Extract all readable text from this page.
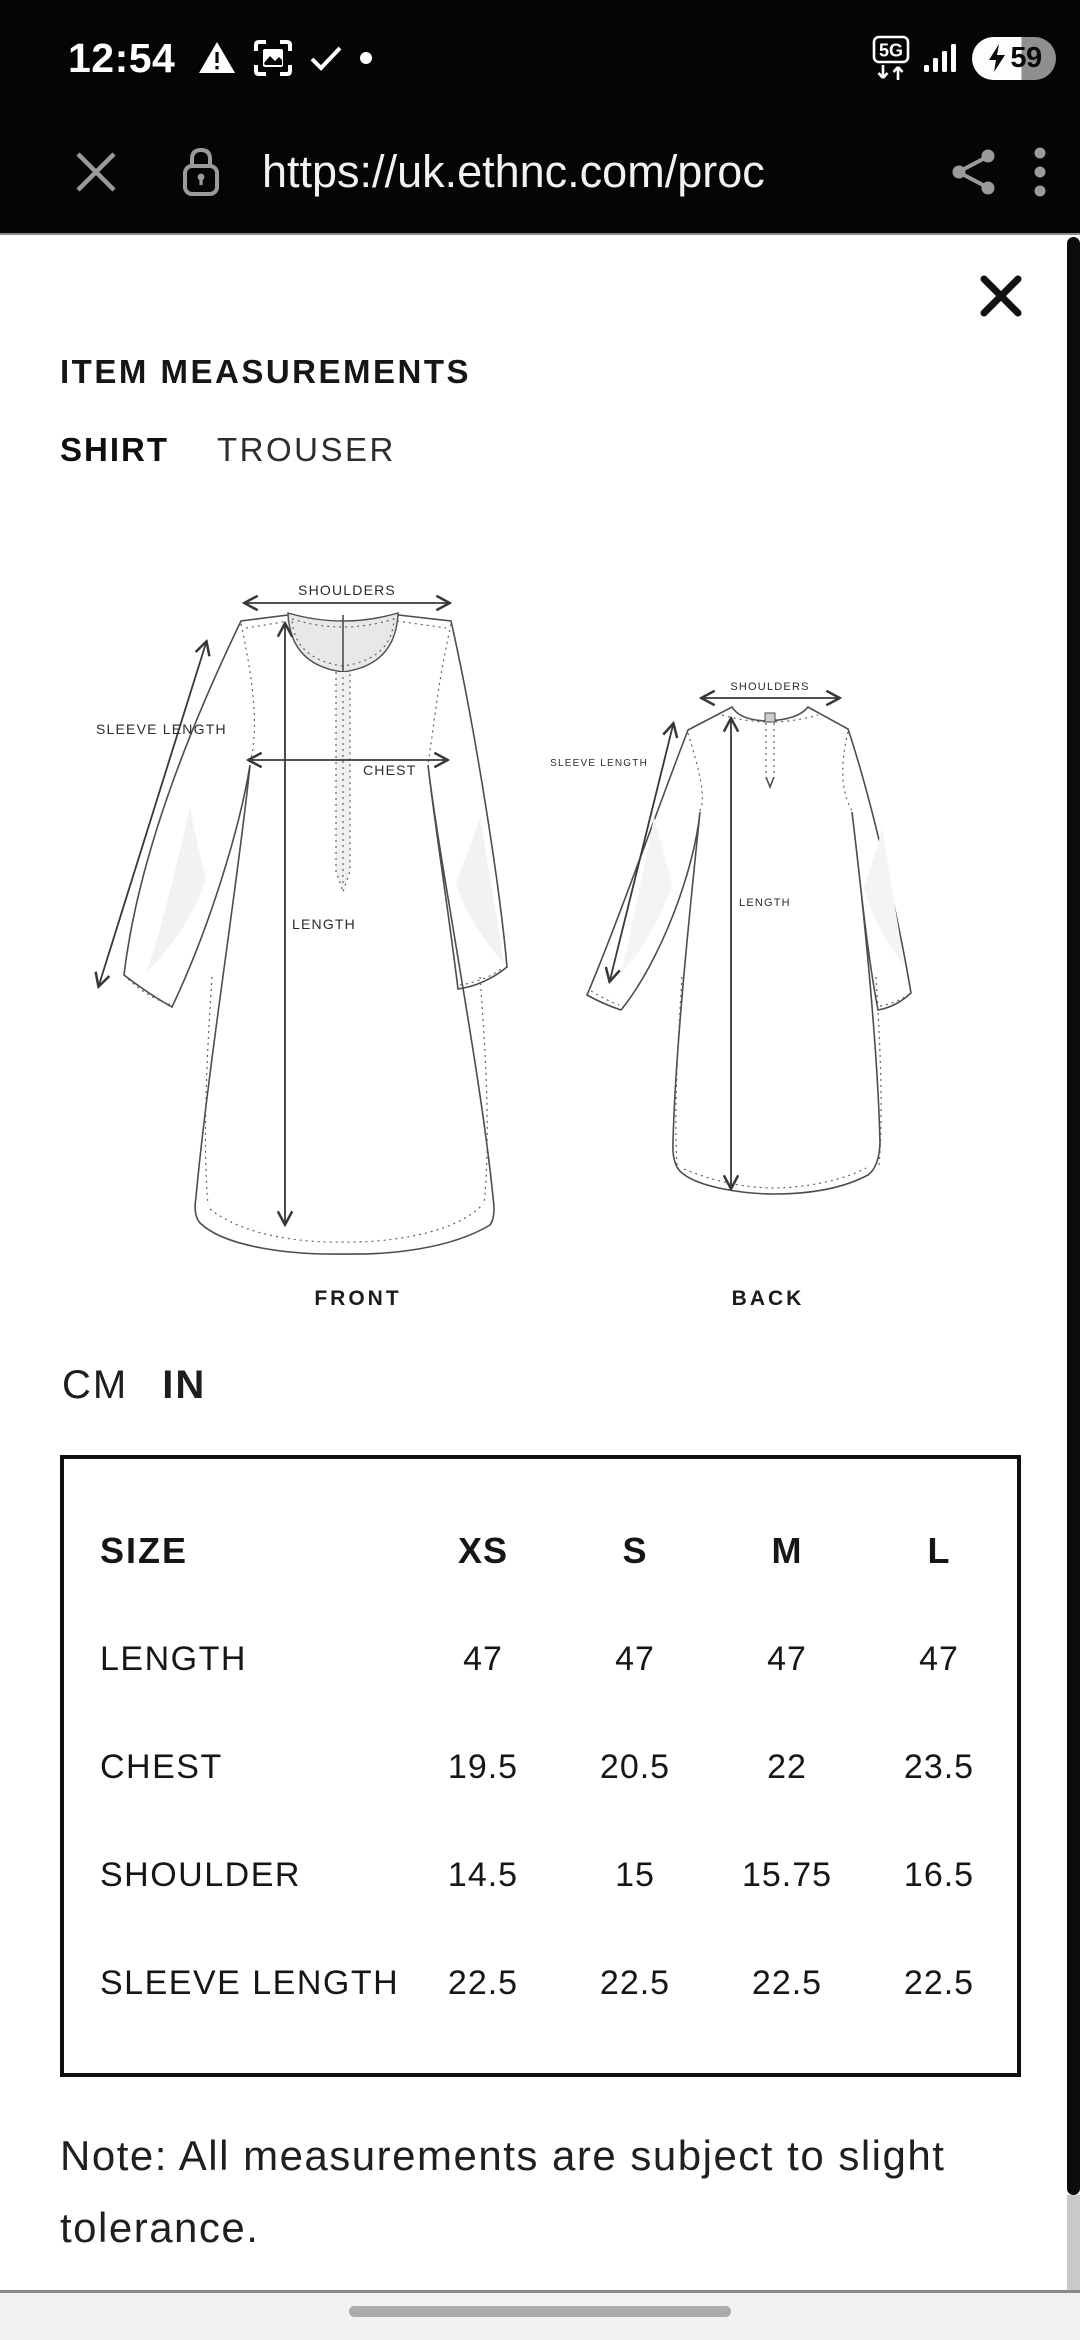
12:54	5G	59
https://uk.ethnc.com/proc
ITEM MEASUREMENTS
SHIRT TROUSER
SHOULDERS
SLEEVE LENGTH
CHEST
LENGTH
SHOULDERS
SLEEVE LENGTH
LENGTH
FRONT	BACK
CM IN
SIZE	XS	S	M	L
LENGTH	47	47	47	47
CHEST	19.5	20.5	22	23.5
SHOULDER	14.5	15	15.75	16.5
SLEEVE LENGTH	22.5	22.5	22.5	22.5
Note: All measurements are subject to slight tolerance.
